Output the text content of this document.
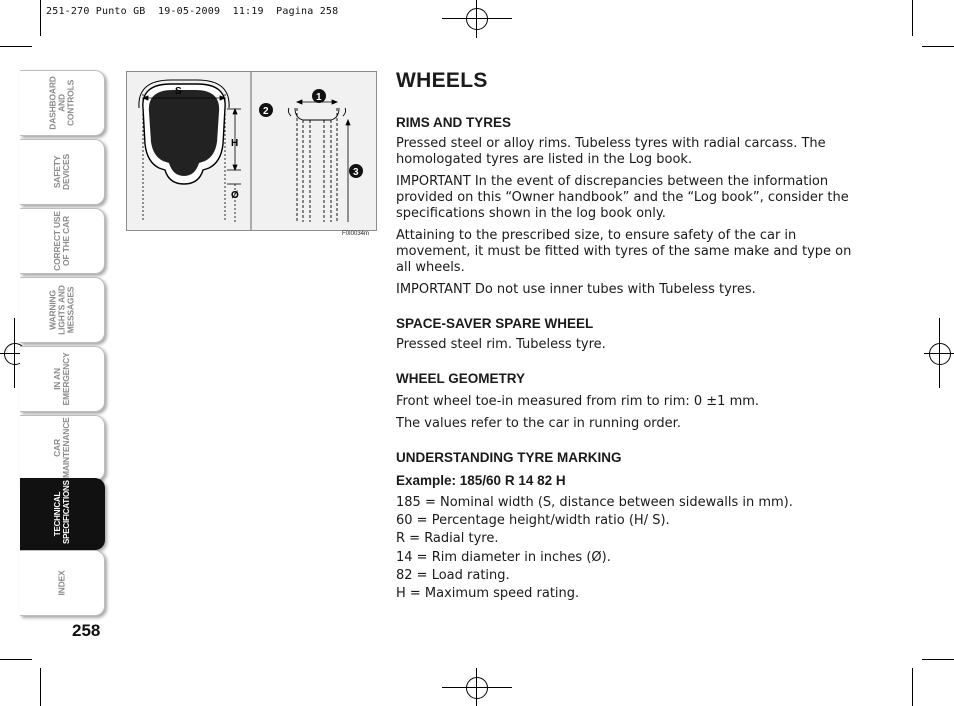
251-270 Punto GB  19-05-2009  11:19  Pagina 258
DASHBOARD AND CONTROLS
SAFETY DEVICES
CORRECT USE OF THE CAR
WARNING LIGHTS AND MESSAGES
IN AN EMERGENCY
CAR MAINTENANCE
TECHNICAL SPECIFICATIONS
INDEX
258
S
H
Ø
1
2
3
F0I0034m
WHEELS
RIMS AND TYRES
Pressed steel or alloy rims. Tubeless tyres with radial carcass. The homologated tyres are listed in the Log book.
IMPORTANT In the event of discrepancies between the information provided on this “Owner handbook” and the “Log book”, consider the specifications shown in the log book only.
Attaining to the prescribed size, to ensure safety of the car in movement, it must be fitted with tyres of the same make and type on all wheels.
IMPORTANT Do not use inner tubes with Tubeless tyres.
SPACE-SAVER SPARE WHEEL
Pressed steel rim. Tubeless tyre.
WHEEL GEOMETRY
Front wheel toe-in measured from rim to rim: 0 ±1 mm.
The values refer to the car in running order.
UNDERSTANDING TYRE MARKING
Example: 185/60 R 14 82 H
185 = Nominal width (S, distance between sidewalls in mm).
60 = Percentage height/width ratio (H/ S).
R = Radial tyre.
14 = Rim diameter in inches (Ø).
82 = Load rating.
H = Maximum speed rating.
